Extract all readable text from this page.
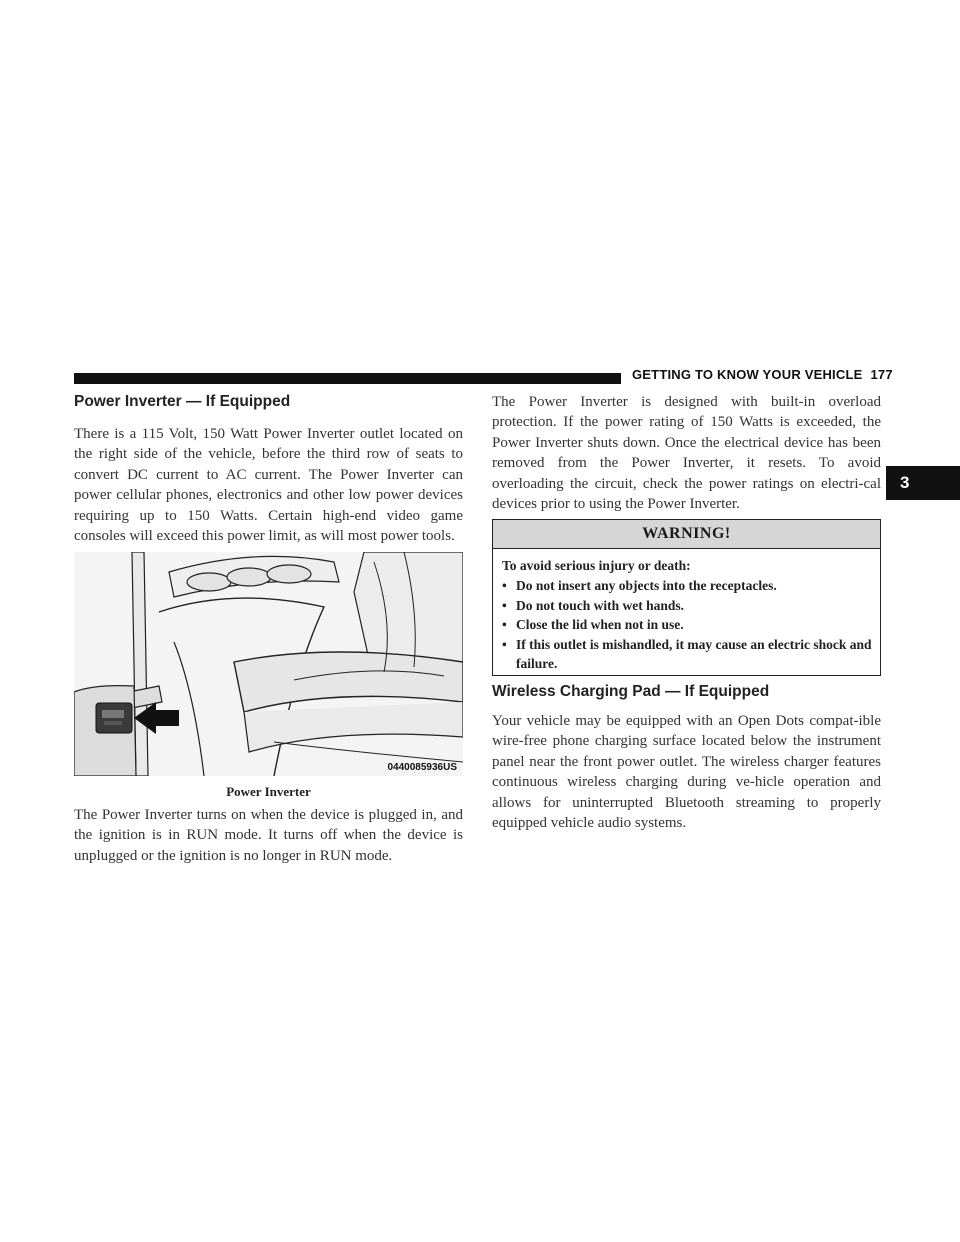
GETTING TO KNOW YOUR VEHICLE 177
3
Power Inverter — If Equipped

There is a 115 Volt, 150 Watt Power Inverter outlet located on the right side of the vehicle, before the third row of seats to convert DC current to AC current. The Power Inverter can power cellular phones, electronics and other low power devices requiring up to 150 Watts. Certain high-end video game consoles will exceed this power limit, as will most power tools.

0440085936US
Power Inverter

The Power Inverter turns on when the device is plugged in, and the ignition is in RUN mode. It turns off when the device is unplugged or the ignition is no longer in RUN mode.

The Power Inverter is designed with built-in overload protection. If the power rating of 150 Watts is exceeded, the Power Inverter shuts down. Once the electrical device has been removed from the Power Inverter, it resets. To avoid overloading the circuit, check the power ratings on electri-cal devices prior to using the Power Inverter.

WARNING!
To avoid serious injury or death:
• Do not insert any objects into the receptacles.
• Do not touch with wet hands.
• Close the lid when not in use.
• If this outlet is mishandled, it may cause an electric shock and failure.
Wireless Charging Pad — If Equipped

Your vehicle may be equipped with an Open Dots compat-ible wire-free phone charging surface located below the instrument panel near the front power outlet. The wireless charger features continuous wireless charging during ve-hicle operation and allows for uninterrupted Bluetooth streaming to properly equipped vehicle audio systems.
